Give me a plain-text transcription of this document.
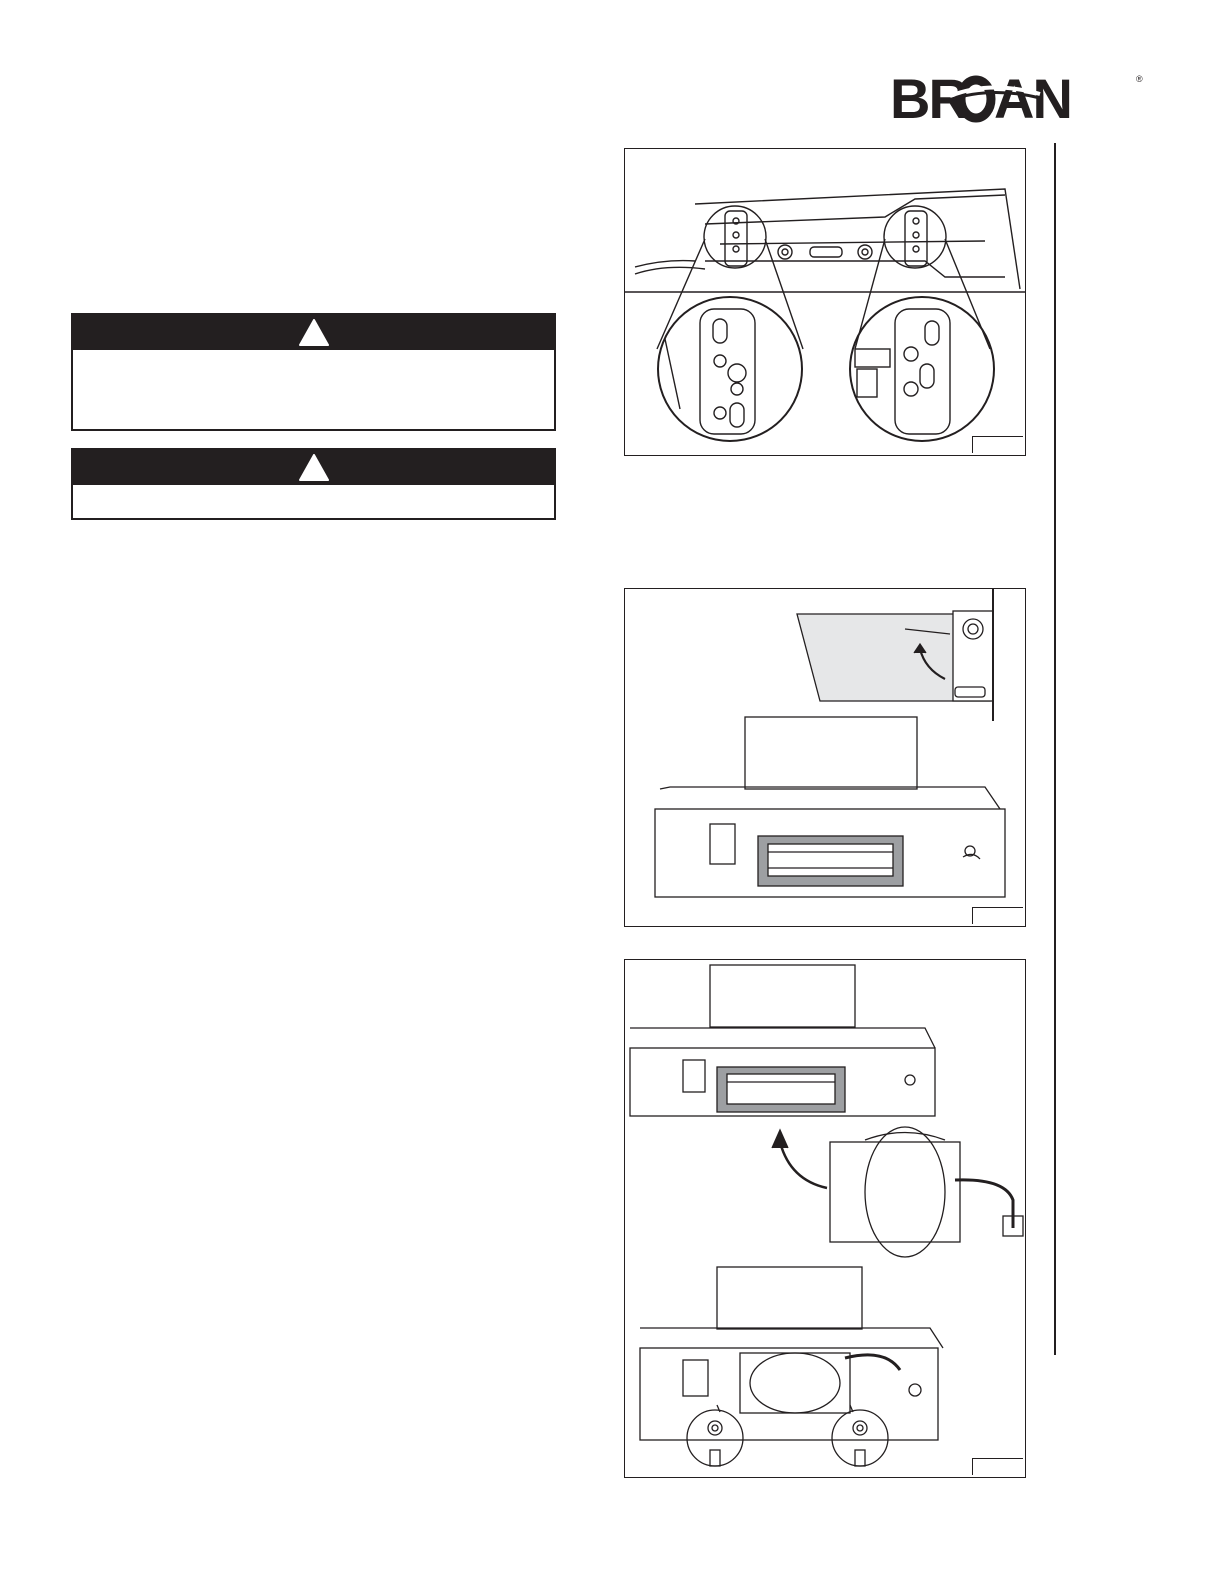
BR AN	®
